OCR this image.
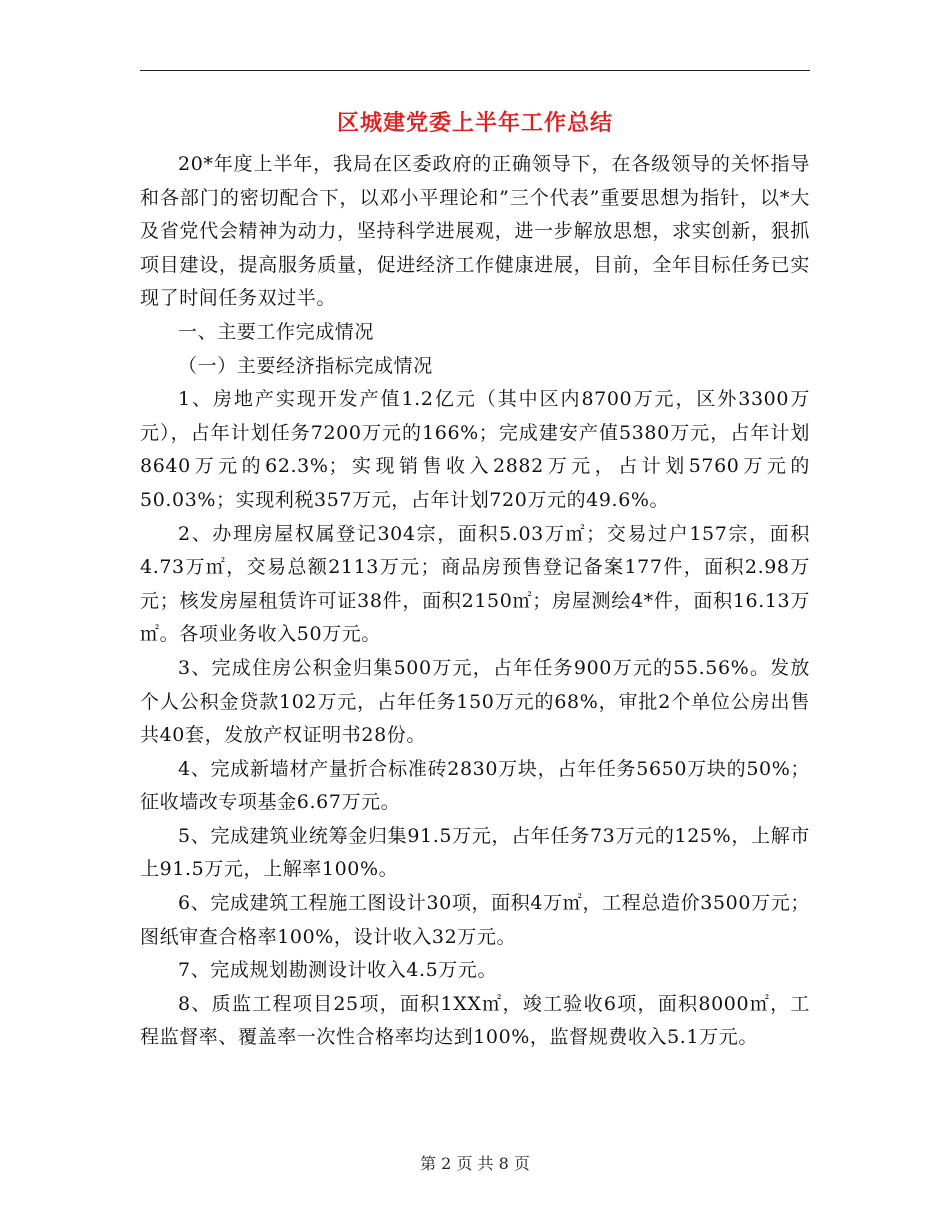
区城建党委上半年工作总结

20*年度上半年，我局在区委政府的正确领导下，在各级领导的关怀指导和各部门的密切配合下，以邓小平理论和”三个代表”重要思想为指针，以*大及省党代会精神为动力，坚持科学进展观，进一步解放思想，求实创新，狠抓项目建设，提高服务质量，促进经济工作健康进展，目前，全年目标任务已实现了时间任务双过半。

一、主要工作完成情况

（一）主要经济指标完成情况

1、房地产实现开发产值1.2亿元（其中区内8700万元，区外3300万元），占年计划任务7200万元的166%；完成建安产值5380万元，占年计划8640万元的62.3%；实现销售收入2882万元，占计划5760万元的50.03%；实现利税357万元，占年计划720万元的49.6%。

2、办理房屋权属登记304宗，面积5.03万㎡；交易过户157宗，面积4.73万㎡，交易总额2113万元；商品房预售登记备案177件，面积2.98万元；核发房屋租赁许可证38件，面积2150㎡；房屋测绘4*件，面积16.13万㎡。各项业务收入50万元。

3、完成住房公积金归集500万元，占年任务900万元的55.56%。发放个人公积金贷款102万元，占年任务150万元的68%，审批2个单位公房出售共40套，发放产权证明书28份。

4、完成新墙材产量折合标准砖2830万块，占年任务5650万块的50%；征收墙改专项基金6.67万元。

5、完成建筑业统筹金归集91.5万元，占年任务73万元的125%，上解市上91.5万元，上解率100%。

6、完成建筑工程施工图设计30项，面积4万㎡，工程总造价3500万元；图纸审查合格率100%，设计收入32万元。

7、完成规划勘测设计收入4.5万元。

8、质监工程项目25项，面积1XX㎡，竣工验收6项，面积8000㎡，工程监督率、覆盖率一次性合格率均达到100%，监督规费收入5.1万元。

第 2 页 共 8 页
